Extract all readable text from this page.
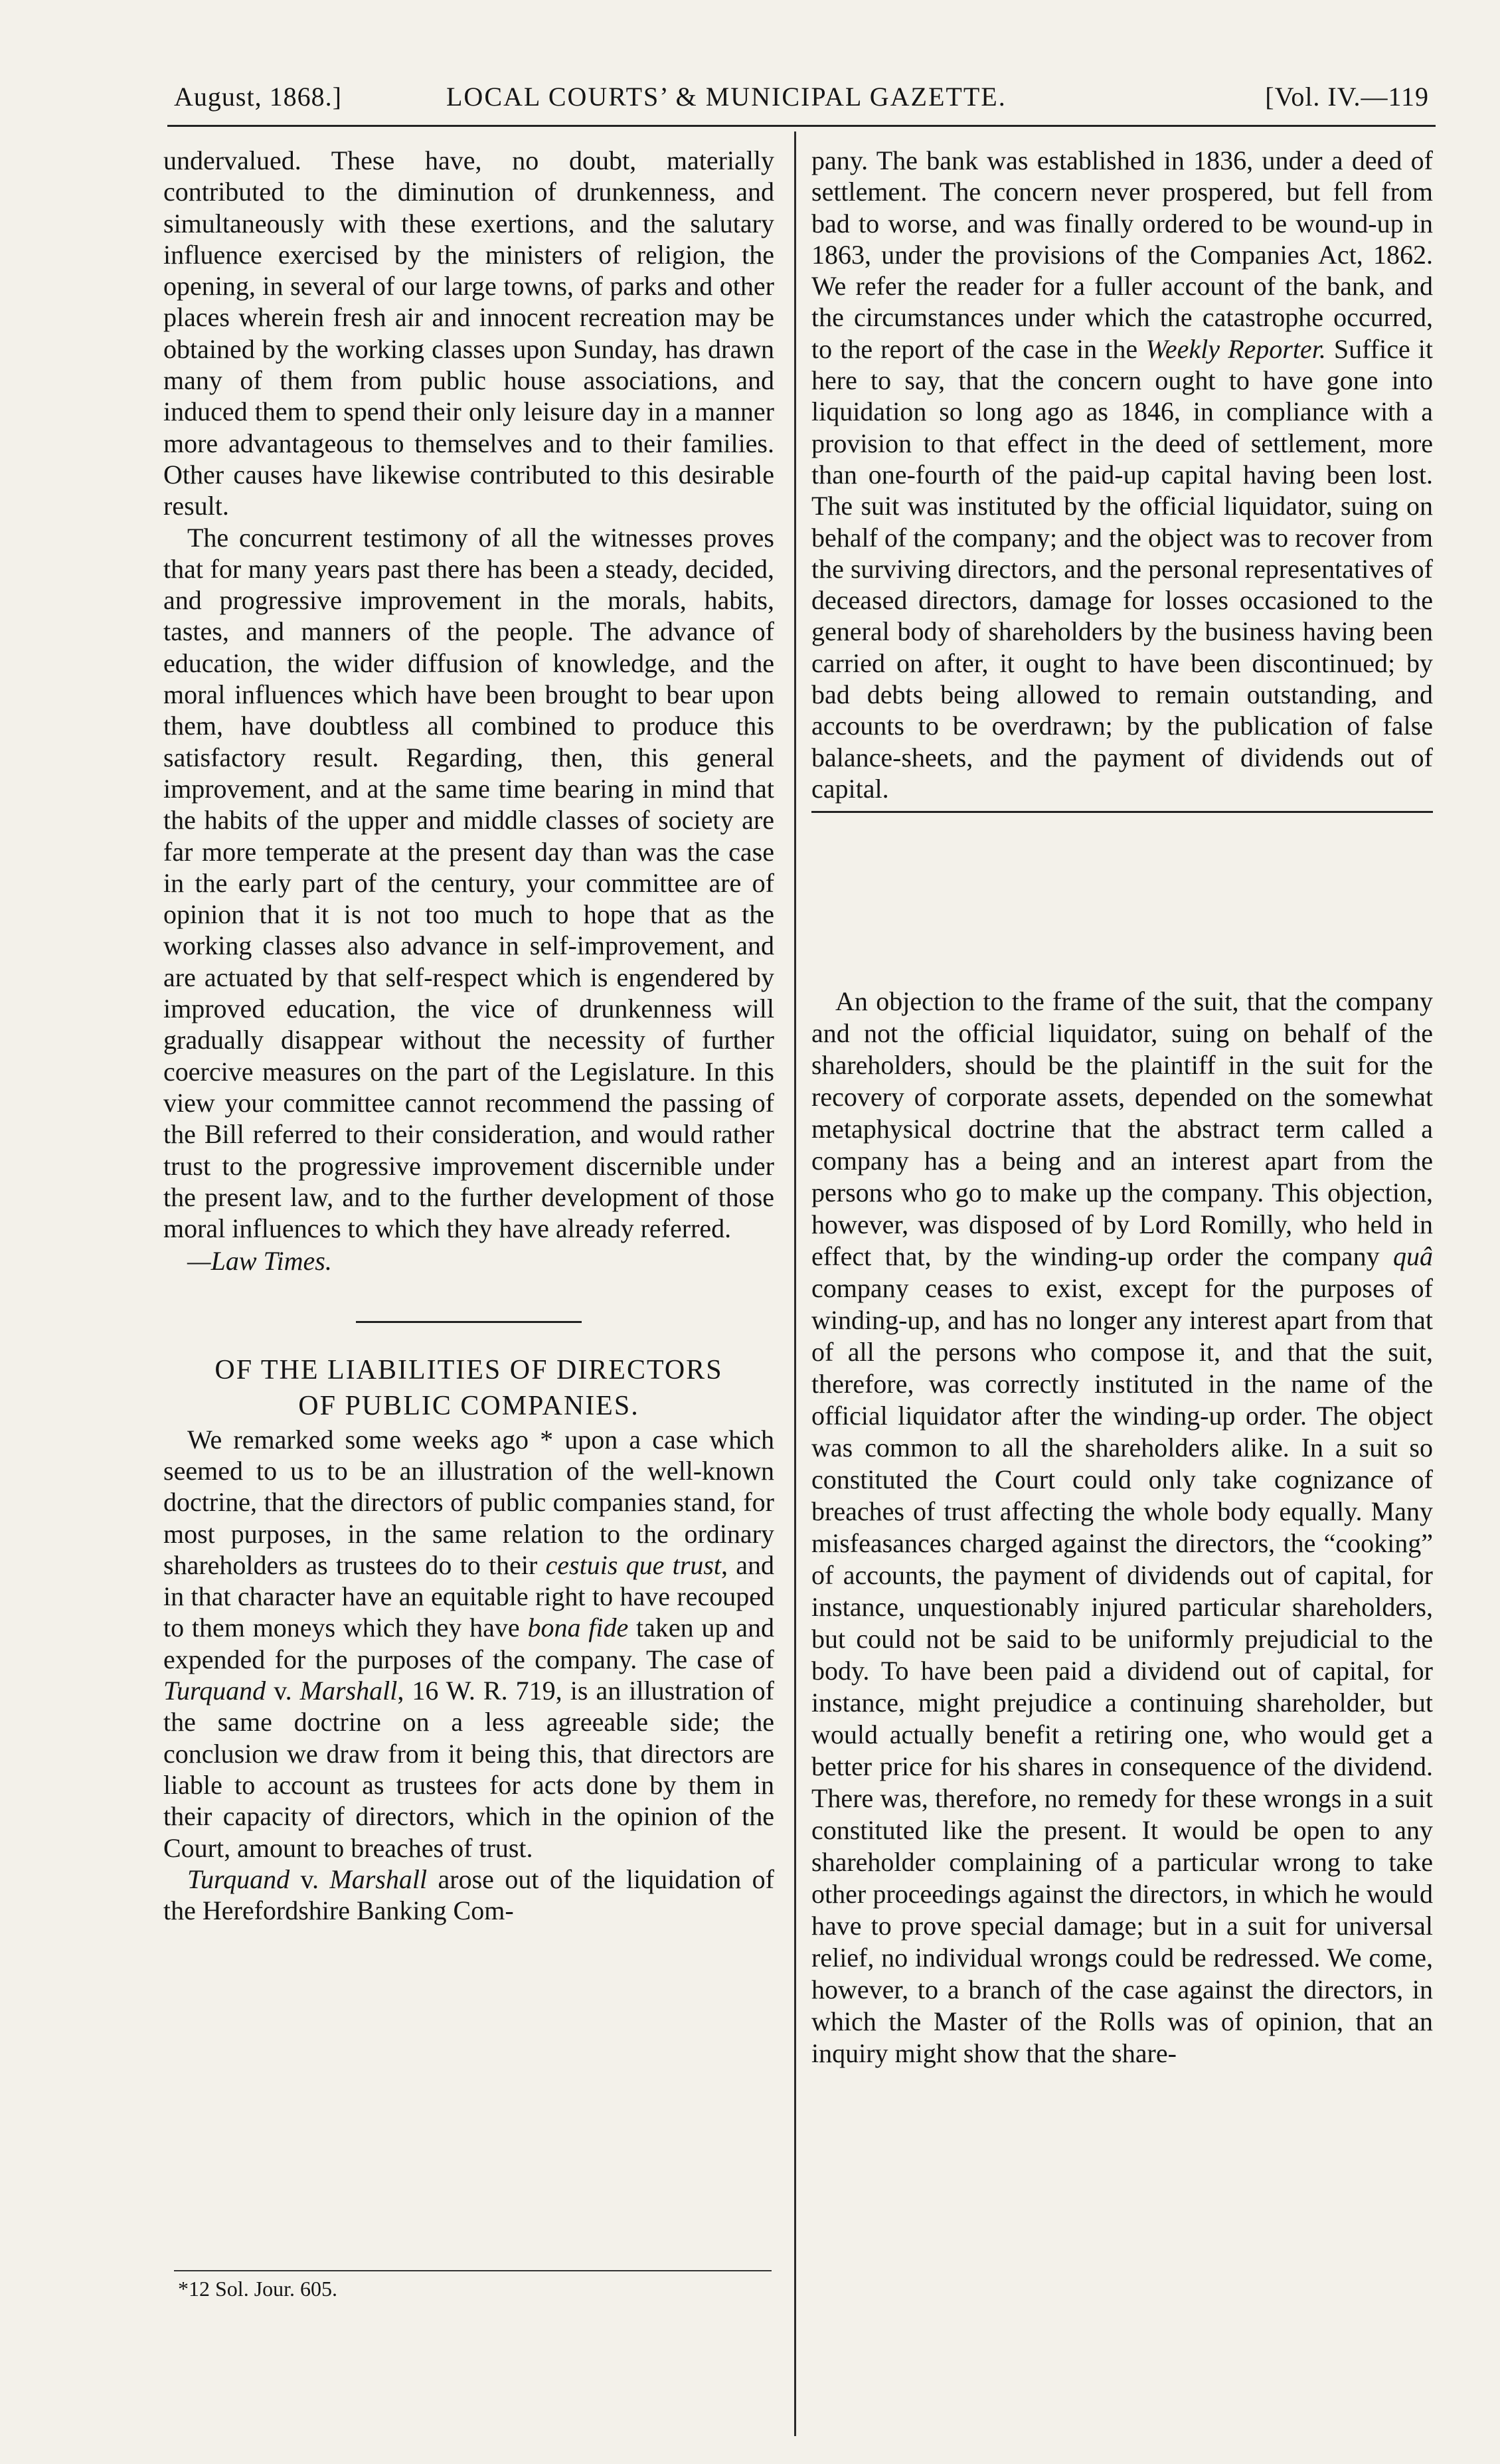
August, 1868.]	LOCAL COURTS’ & MUNICIPAL GAZETTE.	[Vol. IV.—119

undervalued. These have, no doubt, materially contributed to the diminution of drunkenness, and simultaneously with these exertions, and the salutary influence exercised by the ministers of religion, the opening, in several of our large towns, of parks and other places wherein fresh air and innocent recreation may be obtained by the working classes upon Sunday, has drawn many of them from public house associations, and induced them to spend their only leisure day in a manner more advantageous to themselves and to their families. Other causes have likewise contributed to this desirable result.

The concurrent testimony of all the witnesses proves that for many years past there has been a steady, decided, and progressive improvement in the morals, habits, tastes, and manners of the people. The advance of education, the wider diffusion of knowledge, and the moral influences which have been brought to bear upon them, have doubtless all combined to produce this satisfactory result. Regarding, then, this general improvement, and at the same time bearing in mind that the habits of the upper and middle classes of society are far more temperate at the present day than was the case in the early part of the century, your committee are of opinion that it is not too much to hope that as the working classes also advance in self-improvement, and are actuated by that self-respect which is engendered by improved education, the vice of drunkenness will gradually disappear without the necessity of further coercive measures on the part of the Legislature. In this view your committee cannot recommend the passing of the Bill referred to their consideration, and would rather trust to the progressive improvement discernible under the present law, and to the further development of those moral influences to which they have already referred.

—Law Times.

OF THE LIABILITIES OF DIRECTORS
OF PUBLIC COMPANIES.

We remarked some weeks ago * upon a case which seemed to us to be an illustration of the well-known doctrine, that the directors of public companies stand, for most purposes, in the same relation to the ordinary shareholders as trustees do to their cestuis que trust, and in that character have an equitable right to have recouped to them moneys which they have bona fide taken up and expended for the purposes of the company. The case of Turquand v. Marshall, 16 W. R. 719, is an illustration of the same doctrine on a less agreeable side; the conclusion we draw from it being this, that directors are liable to account as trustees for acts done by them in their capacity of directors, which in the opinion of the Court, amount to breaches of trust.

Turquand v. Marshall arose out of the liquidation of the Herefordshire Banking Com-

*12 Sol. Jour. 605.

pany. The bank was established in 1836, under a deed of settlement. The concern never prospered, but fell from bad to worse, and was finally ordered to be wound-up in 1863, under the provisions of the Companies Act, 1862. We refer the reader for a fuller account of the bank, and the circumstances under which the catastrophe occurred, to the report of the case in the Weekly Reporter. Suffice it here to say, that the concern ought to have gone into liquidation so long ago as 1846, in compliance with a provision to that effect in the deed of settlement, more than one-fourth of the paid-up capital having been lost. The suit was instituted by the official liquidator, suing on behalf of the company; and the object was to recover from the surviving directors, and the personal representatives of deceased directors, damage for losses occasioned to the general body of shareholders by the business having been carried on after, it ought to have been discontinued; by bad debts being allowed to remain outstanding, and accounts to be overdrawn; by the publication of false balance-sheets, and the payment of dividends out of capital.

An objection to the frame of the suit, that the company and not the official liquidator, suing on behalf of the shareholders, should be the plaintiff in the suit for the recovery of corporate assets, depended on the somewhat metaphysical doctrine that the abstract term called a company has a being and an interest apart from the persons who go to make up the company. This objection, however, was disposed of by Lord Romilly, who held in effect that, by the winding-up order the company quâ company ceases to exist, except for the purposes of winding-up, and has no longer any interest apart from that of all the persons who compose it, and that the suit, therefore, was correctly instituted in the name of the official liquidator after the winding-up order. The object was common to all the shareholders alike. In a suit so constituted the Court could only take cognizance of breaches of trust affecting the whole body equally. Many misfeasances charged against the directors, the “cooking” of accounts, the payment of dividends out of capital, for instance, unquestionably injured particular shareholders, but could not be said to be uniformly prejudicial to the body. To have been paid a dividend out of capital, for instance, might prejudice a continuing shareholder, but would actually benefit a retiring one, who would get a better price for his shares in consequence of the dividend. There was, therefore, no remedy for these wrongs in a suit constituted like the present. It would be open to any shareholder complaining of a particular wrong to take other proceedings against the directors, in which he would have to prove special damage; but in a suit for universal relief, no individual wrongs could be redressed. We come, however, to a branch of the case against the directors, in which the Master of the Rolls was of opinion, that an inquiry might show that the share-
